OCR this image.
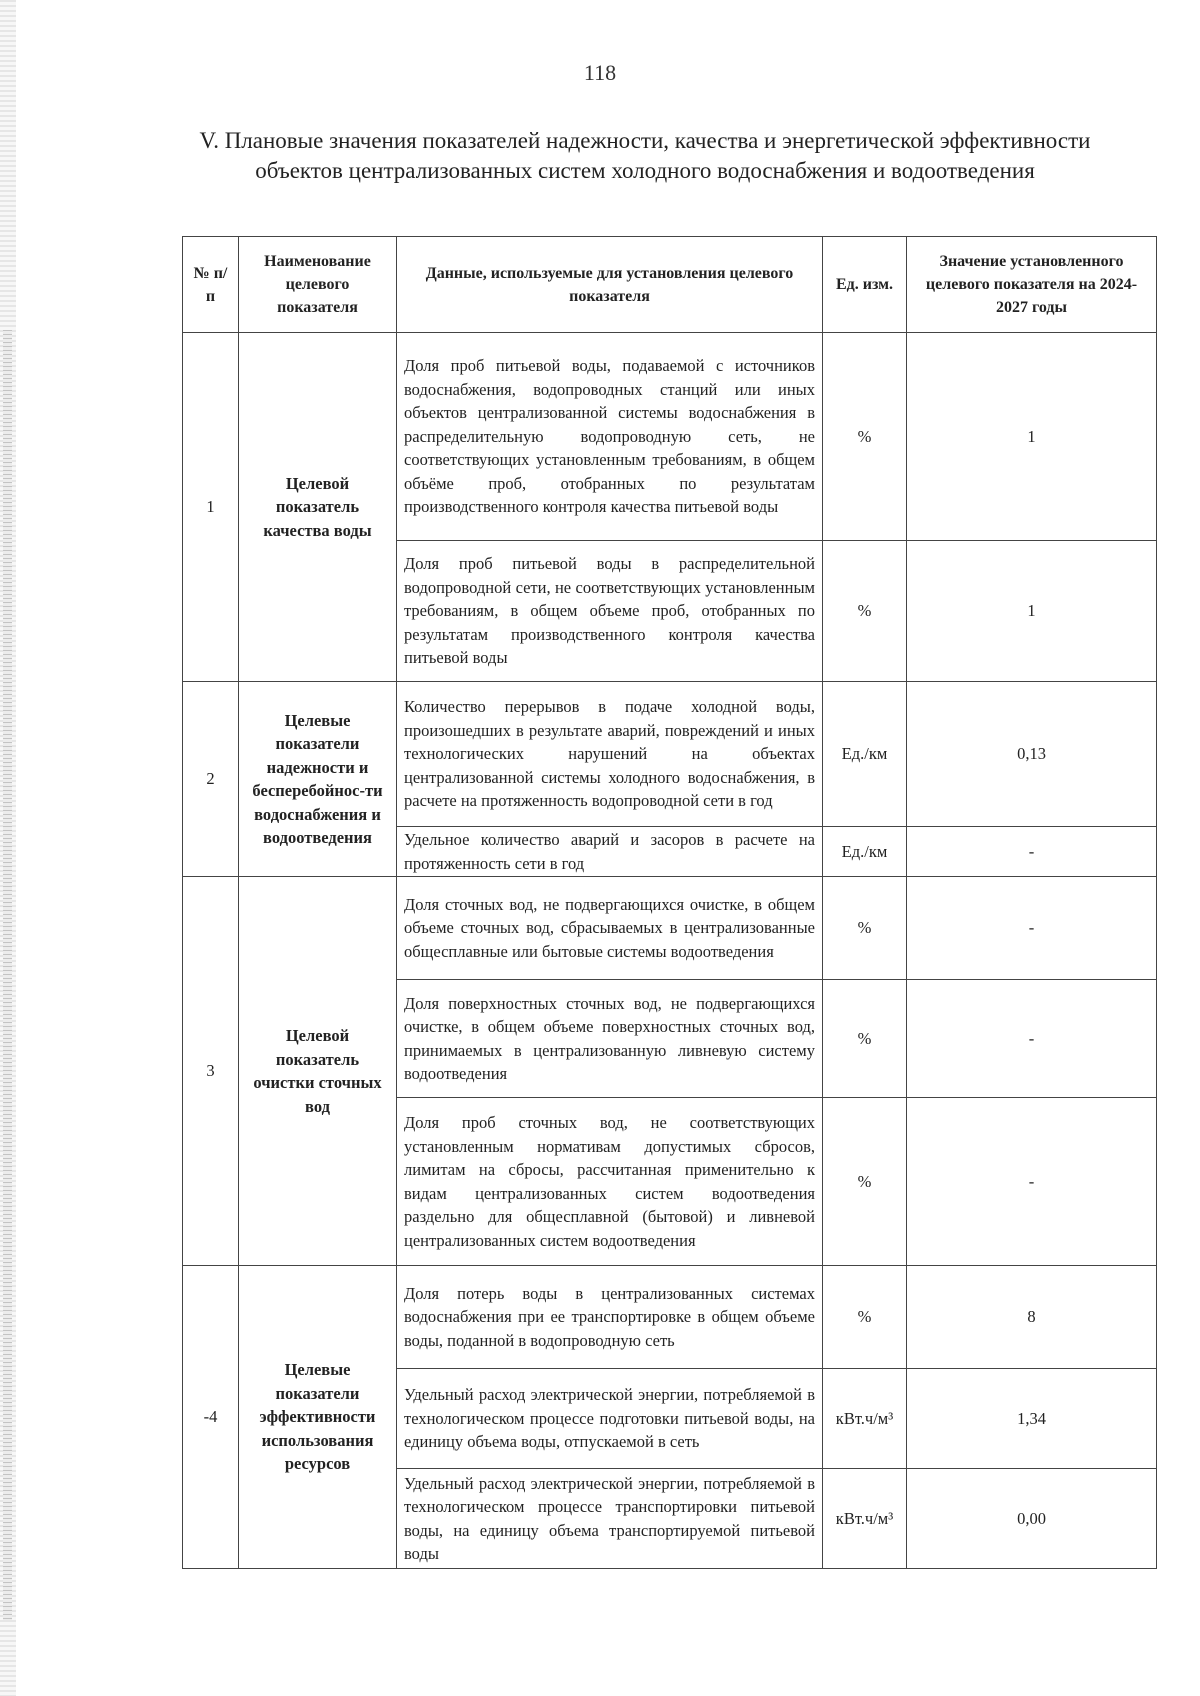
118
V. Плановые значения показателей надежности, качества и энергетической эффективности объектов централизованных систем холодного водоснабжения и водоотведения
№ п/п	Наименование целевого показателя	Данные, используемые для установления целевого показателя	Ед. изм.	Значение установленного целевого показателя на 2024-2027 годы
1	Целевой показатель качества воды	Доля проб питьевой воды, подаваемой с источников водоснабжения, водопроводных станций или иных объектов централизованной системы водоснабжения в распределительную водопроводную сеть, не соответствующих установленным требованиям, в общем объёме проб, отобранных по результатам производственного контроля качества питьевой воды	%	1
		Доля проб питьевой воды в распределительной водопроводной сети, не соответствующих установленным требованиям, в общем объеме проб, отобранных по результатам производственного контроля качества питьевой воды	%	1
2	Целевые показатели надежности и бесперебойнос-ти водоснабжения и водоотведения	Количество перерывов в подаче холодной воды, произошедших в результате аварий, повреждений и иных технологических нарушений на объектах централизованной системы холодного водоснабжения, в расчете на протяженность водопроводной сети в год	Ед./км	0,13
		Удельное количество аварий и засоров в расчете на протяженность сети в год	Ед./км	-
3	Целевой показатель очистки сточных вод	Доля сточных вод, не подвергающихся очистке, в общем объеме сточных вод, сбрасываемых в централизованные общесплавные или бытовые системы водоотведения	%	-
		Доля поверхностных сточных вод, не подвергающихся очистке, в общем объеме поверхностных сточных вод, принимаемых в централизованную ливневую систему водоотведения	%	-
		Доля проб сточных вод, не соответствующих установленным нормативам допустимых сбросов, лимитам на сбросы, рассчитанная применительно к видам централизованных систем водоотведения раздельно для общесплавной (бытовой) и ливневой централизованных систем водоотведения	%	-
-4	Целевые показатели эффективности использования ресурсов	Доля потерь воды в централизованных системах водоснабжения при ее транспортировке в общем объеме воды, поданной в водопроводную сеть	%	8
		Удельный расход электрической энергии, потребляемой в технологическом процессе подготовки питьевой воды, на единицу объема воды, отпускаемой в сеть	кВт.ч/м³	1,34
		Удельный расход электрической энергии, потребляемой в технологическом процессе транспортировки питьевой воды, на единицу объема транспортируемой питьевой воды	кВт.ч/м³	0,00
